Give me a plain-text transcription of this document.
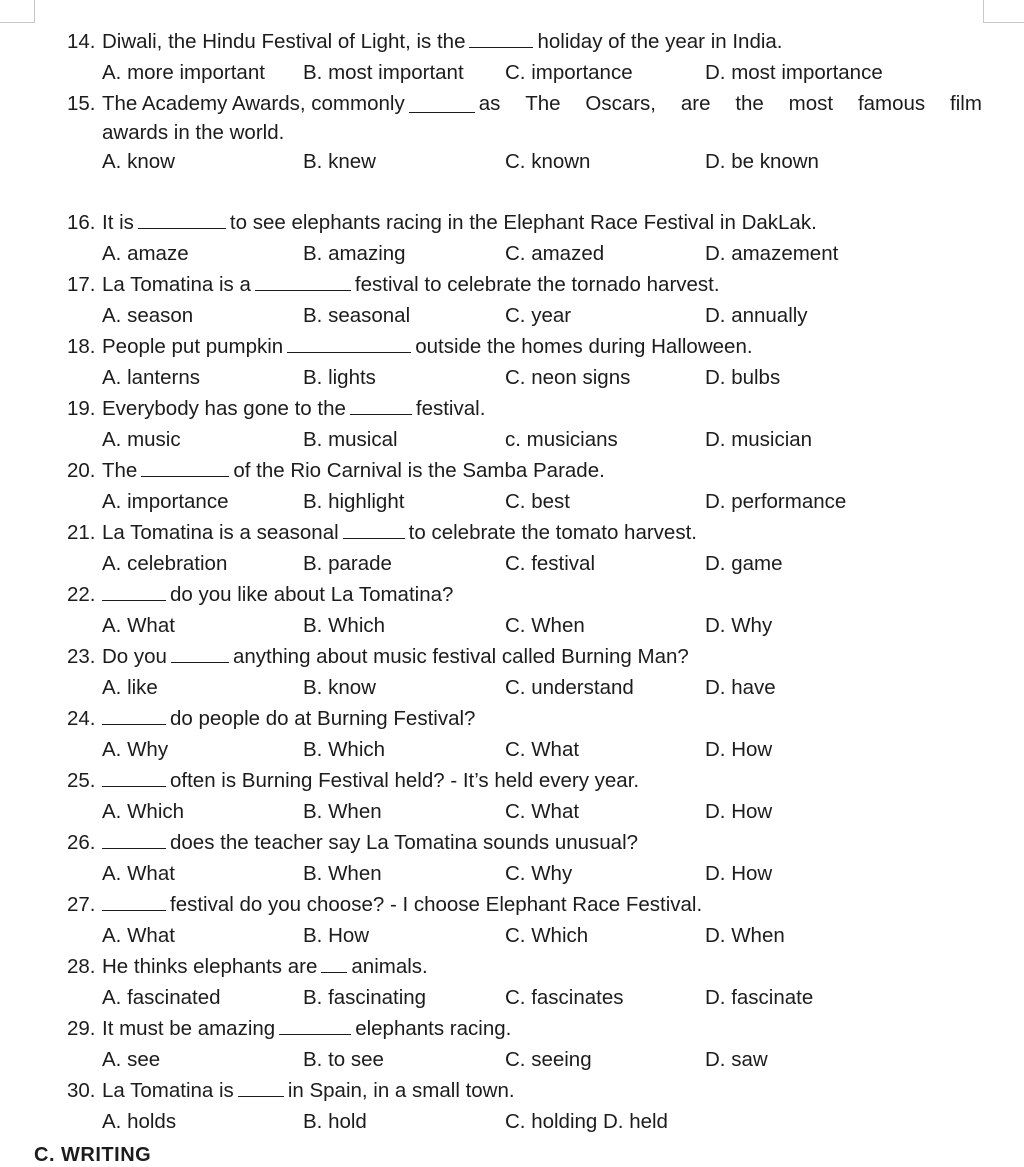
14. Diwali, the Hindu Festival of Light, is the	holiday of the year in India.
A. more important	B. most important	C. importance	D. most importance
15. The Academy Awards, commonly	as The Oscars, are the most famous film
awards in the world.
A. know	B. knew	C. known	D. be known
16. It is	to see elephants racing in the Elephant Race Festival in DakLak.
A. amaze	B. amazing	C. amazed	D. amazement
17. La Tomatina is a	festival to celebrate the tornado harvest.
A. season	B. seasonal	C. year	D. annually
18. People put pumpkin	outside the homes during Halloween.
A. lanterns	B. lights	C. neon signs	D. bulbs
19. Everybody has gone to the	festival.
A. music	B. musical	c. musicians	D. musician
20. The	of the Rio Carnival is the Samba Parade.
A. importance	B. highlight	C. best	D. performance
21. La Tomatina is a seasonal	to celebrate the tomato harvest.
A. celebration	B. parade	C. festival	D. game
22.	do you like about La Tomatina?
A. What	B. Which	C. When	D. Why
23. Do you	anything about music festival called Burning Man?
A. like	B. know	C. understand	D. have
24.	do people do at Burning Festival?
A. Why	B. Which	C. What	D. How
25.	often is Burning Festival held? - It’s held every year.
A. Which	B. When	C. What	D. How
26.	does the teacher say La Tomatina sounds unusual?
A. What	B. When	C. Why	D. How
27.	festival do you choose? - I choose Elephant Race Festival.
A. What	B. How	C. Which	D. When
28. He thinks elephants are animals.
A. fascinated	B. fascinating	C. fascinates	D. fascinate
29. It must be amazing	elephants racing.
A. see	B. to see	C. seeing	D. saw
30. La Tomatina is	in Spain, in a small town.
A. holds	B. hold	C. holding D. held
C. WRITING
